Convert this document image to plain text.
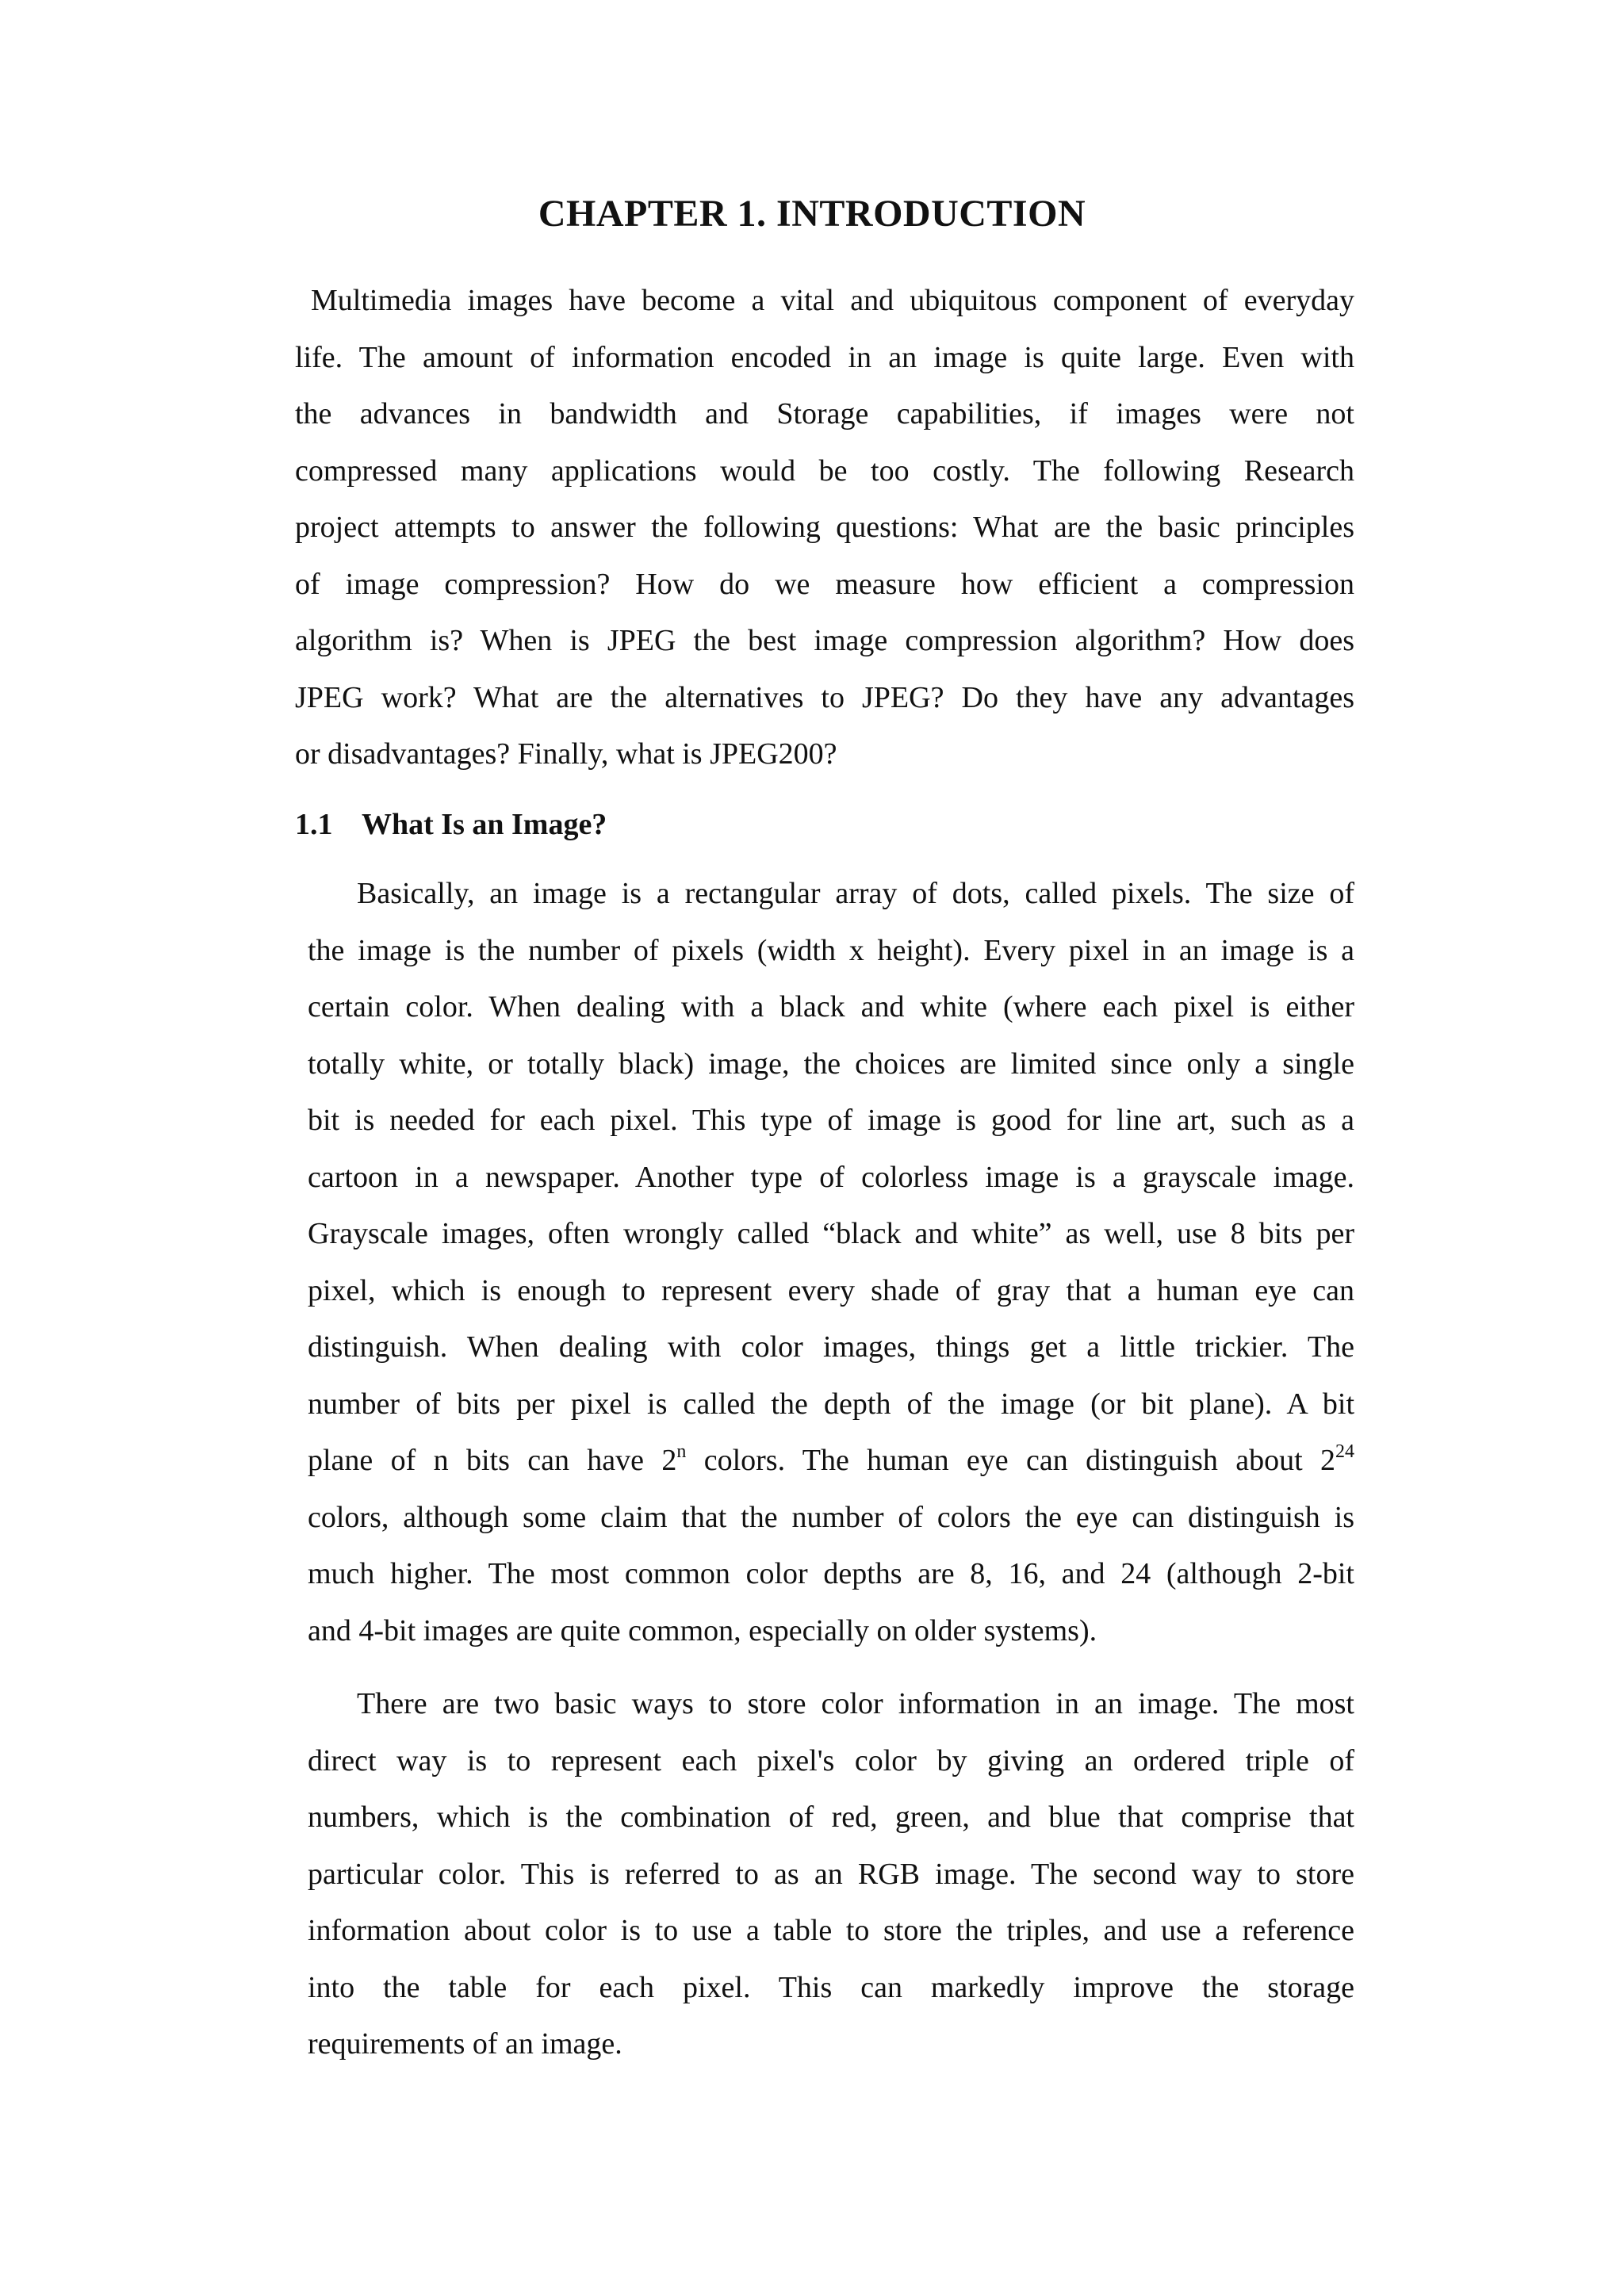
CHAPTER 1. INTRODUCTION

Multimedia images have become a vital and ubiquitous component of everyday
life. The amount of information encoded in an image is quite large. Even with
the advances in bandwidth and Storage capabilities, if images were not
compressed many applications would be too costly. The following Research
project attempts to answer the following questions: What are the basic principles
of image compression? How do we measure how efficient a compression
algorithm is? When is JPEG the best image compression algorithm? How does
JPEG work? What are the alternatives to JPEG? Do they have any advantages
or disadvantages? Finally, what is JPEG200?

1.1 What Is an Image?

Basically, an image is a rectangular array of dots, called pixels. The size of
the image is the number of pixels (width x height). Every pixel in an image is a
certain color. When dealing with a black and white (where each pixel is either
totally white, or totally black) image, the choices are limited since only a single
bit is needed for each pixel. This type of image is good for line art, such as a
cartoon in a newspaper. Another type of colorless image is a grayscale image.
Grayscale images, often wrongly called “black and white” as well, use 8 bits per
pixel, which is enough to represent every shade of gray that a human eye can
distinguish. When dealing with color images, things get a little trickier. The
number of bits per pixel is called the depth of the image (or bit plane). A bit
plane of n bits can have 2$^n$ colors. The human eye can distinguish about $2^{24}$
colors, although some claim that the number of colors the eye can distinguish is
much higher. The most common color depths are 8, 16, and 24 (although 2-bit
and 4-bit images are quite common, especially on older systems).

There are two basic ways to store color information in an image. The most
direct way is to represent each pixel's color by giving an ordered triple of
numbers, which is the combination of red, green, and blue that comprise that
particular color. This is referred to as an RGB image. The second way to store
information about color is to use a table to store the triples, and use a reference
into the table for each pixel. This can markedly improve the storage
requirements of an image.
